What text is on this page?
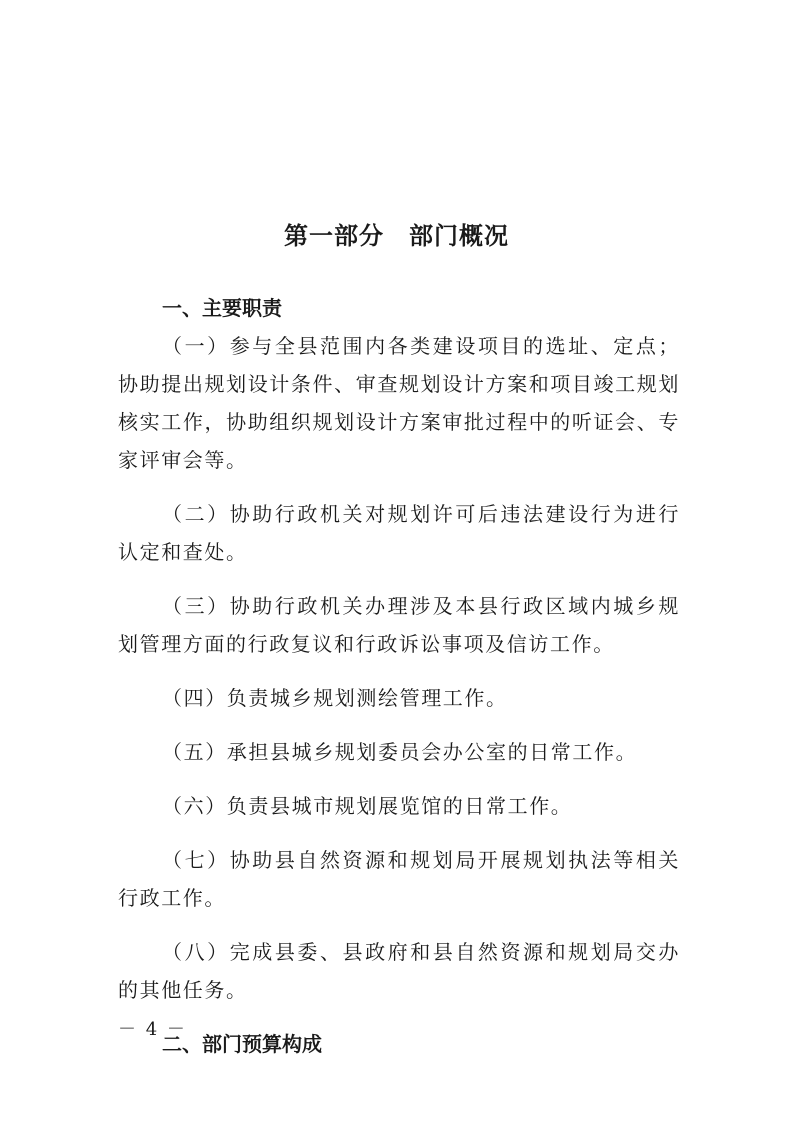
第一部分　部门概况

一、主要职责

（一）参与全县范围内各类建设项目的选址、定点；协助提出规划设计条件、审查规划设计方案和项目竣工规划核实工作，协助组织规划设计方案审批过程中的听证会、专家评审会等。

（二）协助行政机关对规划许可后违法建设行为进行认定和查处。

（三）协助行政机关办理涉及本县行政区域内城乡规划管理方面的行政复议和行政诉讼事项及信访工作。

（四）负责城乡规划测绘管理工作。

（五）承担县城乡规划委员会办公室的日常工作。

（六）负责县城市规划展览馆的日常工作。

（七）协助县自然资源和规划局开展规划执法等相关行政工作。

（八）完成县委、县政府和县自然资源和规划局交办的其他任务。

二、部门预算构成

－ 4 －
